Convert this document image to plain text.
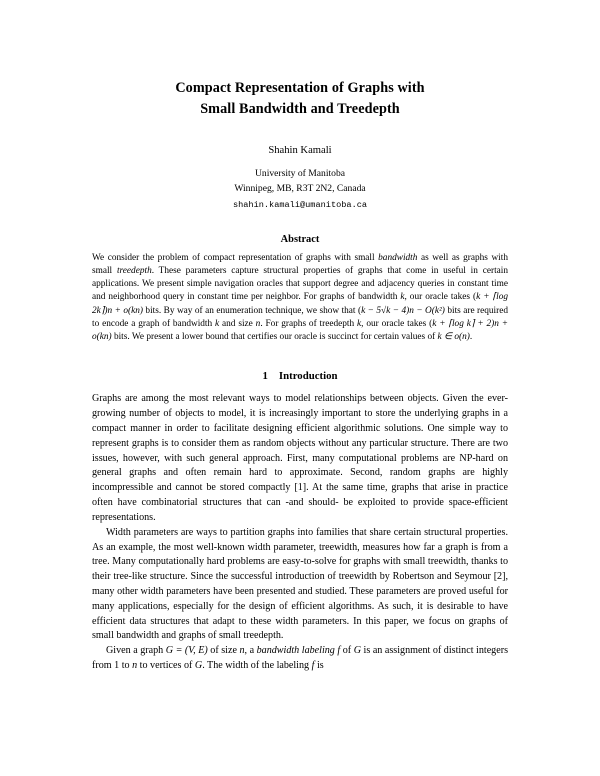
Compact Representation of Graphs with
Small Bandwidth and Treedepth
Shahin Kamali
University of Manitoba
Winnipeg, MB, R3T 2N2, Canada
shahin.kamali@umanitoba.ca
Abstract
We consider the problem of compact representation of graphs with small bandwidth as well as graphs with small treedepth. These parameters capture structural properties of graphs that come in useful in certain applications. We present simple navigation oracles that support degree and adjacency queries in constant time and neighborhood query in constant time per neighbor. For graphs of bandwidth k, our oracle takes (k + ⌈log 2k⌉)n + o(kn) bits. By way of an enumeration technique, we show that (k − 5√k − 4)n − O(k²) bits are required to encode a graph of bandwidth k and size n. For graphs of treedepth k, our oracle takes (k + ⌈log k⌉ + 2)n + o(kn) bits. We present a lower bound that certifies our oracle is succinct for certain values of k ∈ o(n).
1 Introduction

Graphs are among the most relevant ways to model relationships between objects. Given the ever-growing number of objects to model, it is increasingly important to store the underlying graphs in a compact manner in order to facilitate designing efficient algorithmic solutions. One simple way to represent graphs is to consider them as random objects without any particular structure. There are two issues, however, with such general approach. First, many computational problems are NP-hard on general graphs and often remain hard to approximate. Second, random graphs are highly incompressible and cannot be stored compactly [1]. At the same time, graphs that arise in practice often have combinatorial structures that can -and should- be exploited to provide space-efficient representations.

Width parameters are ways to partition graphs into families that share certain structural properties. As an example, the most well-known width parameter, treewidth, measures how far a graph is from a tree. Many computationally hard problems are easy-to-solve for graphs with small treewidth, thanks to their tree-like structure. Since the successful introduction of treewidth by Robertson and Seymour [2], many other width parameters have been presented and studied. These parameters are proved useful for many applications, especially for the design of efficient algorithms. As such, it is desirable to have efficient data structures that adapt to these width parameters. In this paper, we focus on graphs of small bandwidth and graphs of small treedepth.

Given a graph G = (V, E) of size n, a bandwidth labeling f of G is an assignment of distinct integers from 1 to n to vertices of G. The width of the labeling f is
